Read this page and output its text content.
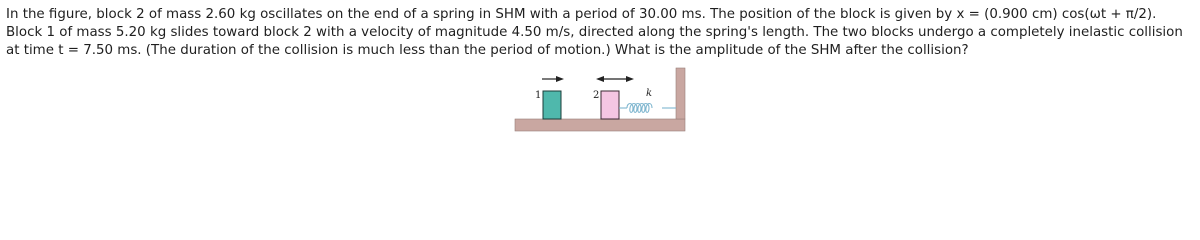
In the figure, block 2 of mass 2.60 kg oscillates on the end of a spring in SHM with a period of 30.00 ms. The position of the block is given by x = (0.900 cm) cos(ωt + π/2). Block 1 of mass 5.20 kg slides toward block 2 with a velocity of magnitude 4.50 m/s, directed along the spring's length. The two blocks undergo a completely inelastic collision at time t = 7.50 ms. (The duration of the collision is much less than the period of motion.) What is the amplitude of the SHM after the collision?

1	2	k
